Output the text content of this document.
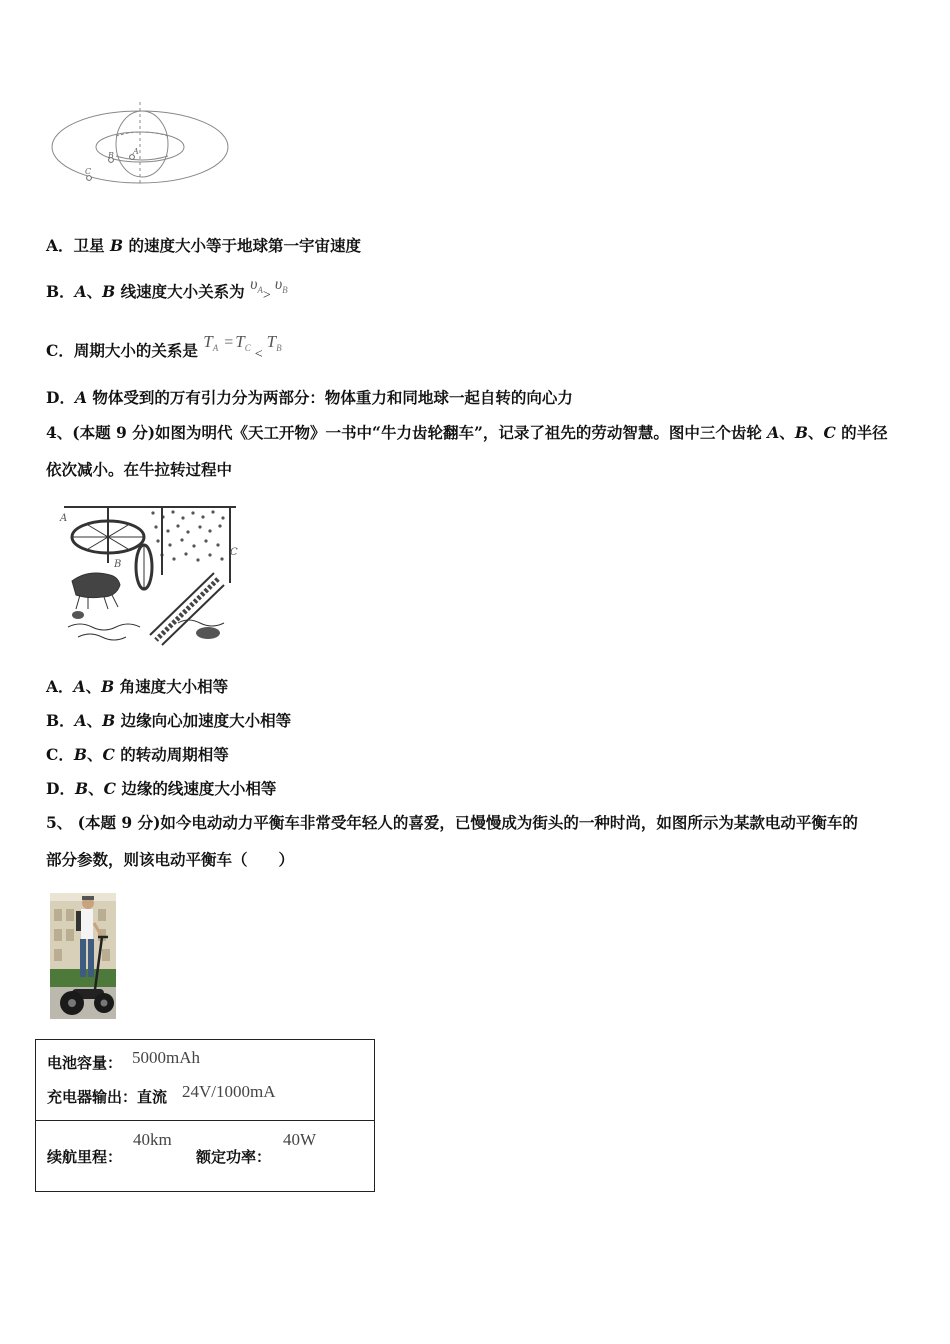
A
B
C
A．卫星 B 的速度大小等于地球第一宇宙速度
B．A、B 线速度大小关系为 $\upsilon_A>\upsilon_B$
C．周期大小的关系是 $T_A = T_C <T_B$
D．A 物体受到的万有引力分为两部分：物体重力和同地球一起自转的向心力
4、(本题 9 分)如图为明代《天工开物》一书中“牛力齿轮翻车”，记录了祖先的劳动智慧。图中三个齿轮 A、B、C 的半径
依次减小。在牛拉转过程中
A
B
C
A．A、B 角速度大小相等
B．A、B 边缘向心加速度大小相等
C．B、C 的转动周期相等
D．B、C 边缘的线速度大小相等
5、 (本题 9 分)如今电动动力平衡车非常受年轻人的喜爱，已慢慢成为街头的一种时尚，如图所示为某款电动平衡车的
部分参数，则该电动平衡车（　　）
电池容量： 5000mAh
充电器输出：直流 24V/1000mA
续航里程：
40km
额定功率：
40W
